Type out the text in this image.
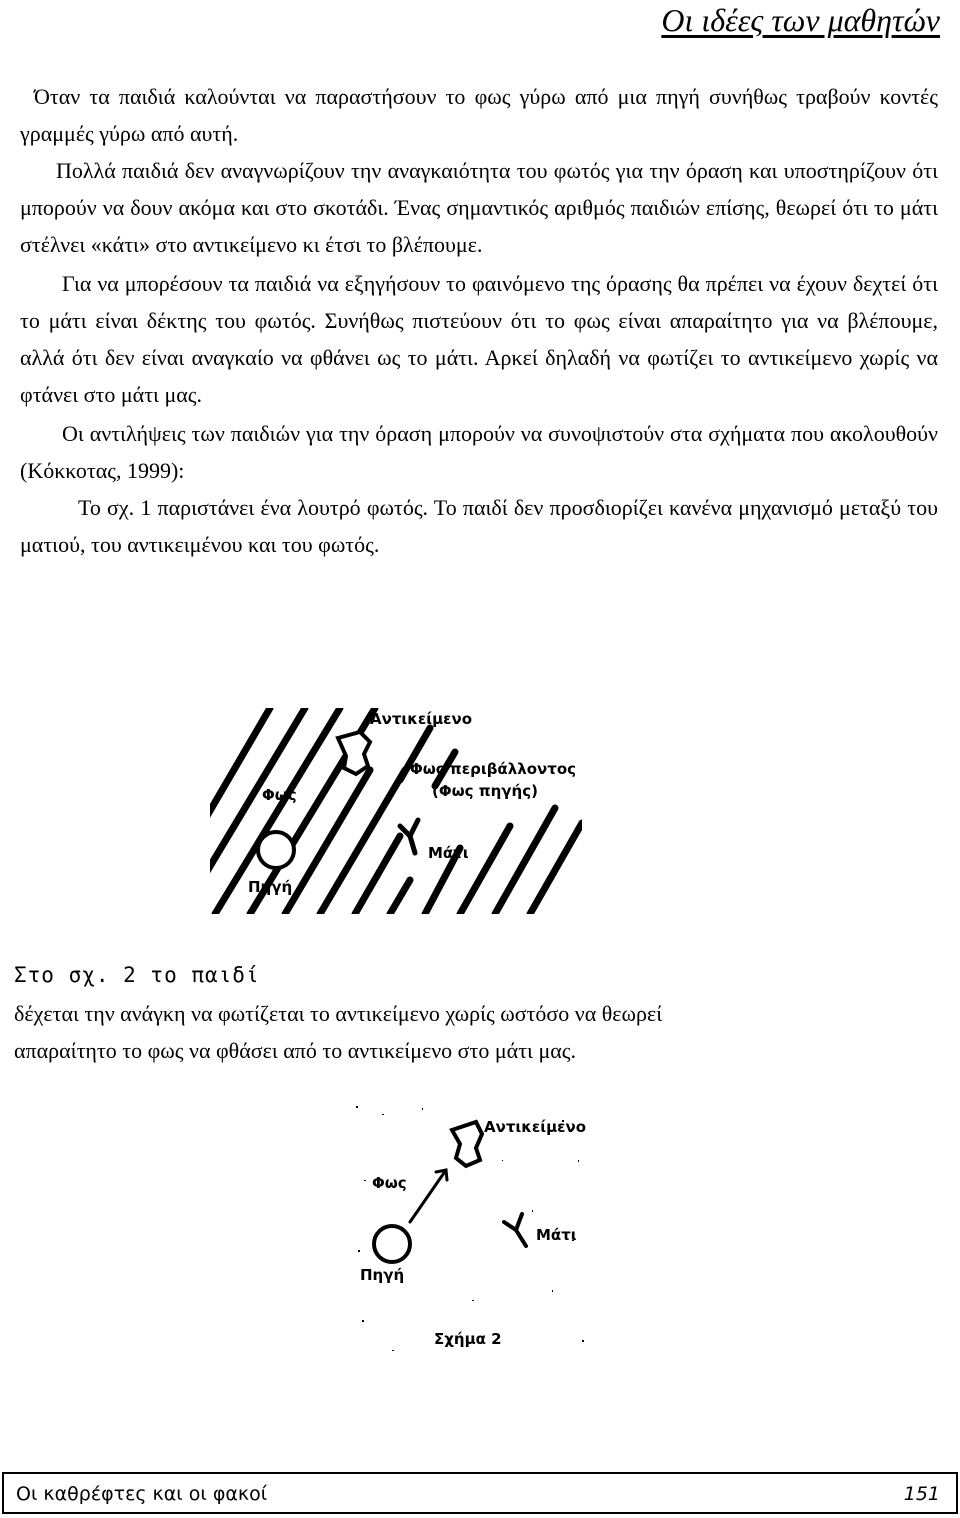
Οι ιδέες των μαθητών

Όταν τα παιδιά καλούνται να παραστήσουν το φως γύρω από μια πηγή συνήθως τραβούν κοντές γραμμές γύρω από αυτή.

Πολλά παιδιά δεν αναγνωρίζουν την αναγκαιότητα του φωτός για την όραση και υποστηρίζουν ότι μπορούν να δουν ακόμα και στο σκοτάδι. Ένας σημαντικός αριθμός παιδιών επίσης, θεωρεί ότι το μάτι στέλνει «κάτι» στο αντικείμενο κι έτσι το βλέπουμε.

Για να μπορέσουν τα παιδιά να εξηγήσουν το φαινόμενο της όρασης θα πρέπει να έχουν δεχτεί ότι το μάτι είναι δέκτης του φωτός. Συνήθως πιστεύουν ότι το φως είναι απαραίτητο για να βλέπουμε, αλλά ότι δεν είναι αναγκαίο να φθάνει ως το μάτι. Αρκεί δηλαδή να φωτίζει το αντικείμενο χωρίς να φτάνει στο μάτι μας.

Οι αντιλήψεις των παιδιών για την όραση μπορούν να συνοψιστούν στα σχήματα που ακολουθούν (Κόκκοτας, 1999):

Το σχ. 1 παριστάνει ένα λουτρό φωτός. Το παιδί δεν προσδιορίζει κανένα μηχανισμό μεταξύ του ματιού, του αντικειμένου και του φωτός.

Αντικείμενο
Φως περιβάλλοντος
(Φως πηγής)
Φως
Μάτι
Πηγή
Στο σχ. 2 το παιδί

δέχεται την ανάγκη να φωτίζεται το αντικείμενο χωρίς ωστόσο να θεωρεί

απαραίτητο το φως να φθάσει από το αντικείμενο στο μάτι μας.

Αντικείμενο
Φως
Μάτι
Πηγή
Σχήμα 2
Οι καθρέφτες και οι φακοί	151
